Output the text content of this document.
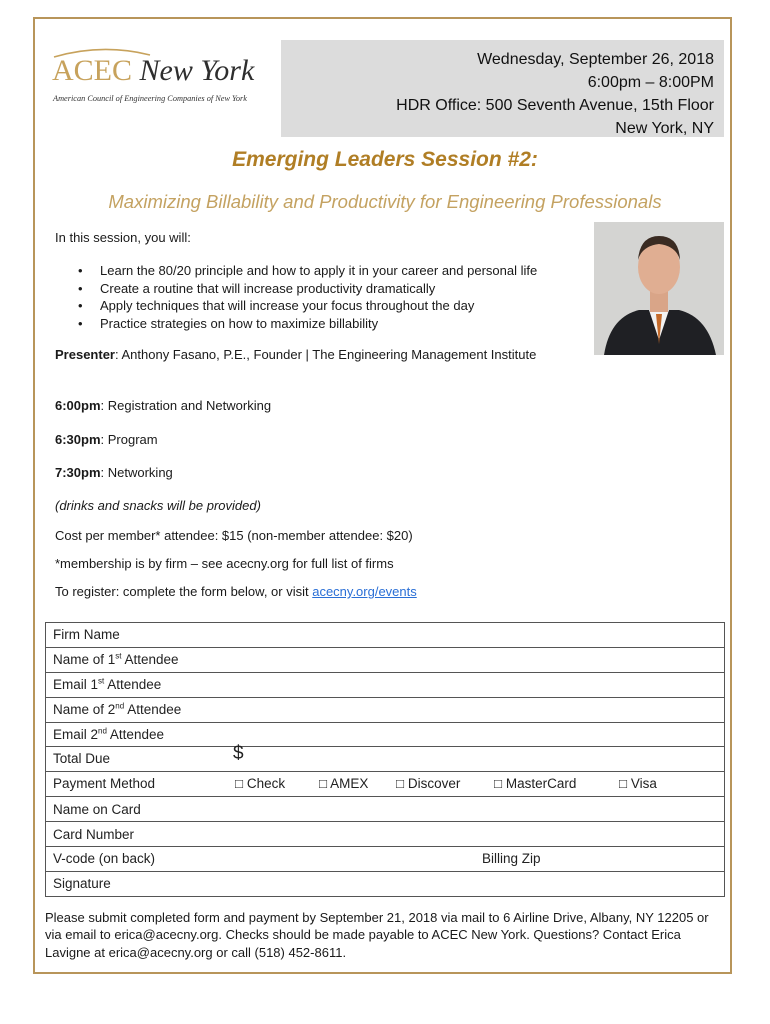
ACEC New York
American Council of Engineering Companies of New York
Wednesday, September 26, 2018
6:00pm – 8:00PM
HDR Office: 500 Seventh Avenue, 15th Floor
New York, NY
Emerging Leaders Session #2:
Maximizing Billability and Productivity for Engineering Professionals
In this session, you will:
• Learn the 80/20 principle and how to apply it in your career and personal life
• Create a routine that will increase productivity dramatically
• Apply techniques that will increase your focus throughout the day
• Practice strategies on how to maximize billability
Presenter: Anthony Fasano, P.E., Founder | The Engineering Management Institute
6:00pm: Registration and Networking
6:30pm: Program
7:30pm: Networking
(drinks and snacks will be provided)
Cost per member* attendee: $15 (non-member attendee: $20)
*membership is by firm – see acecny.org for full list of firms
To register: complete the form below, or visit acecny.org/events
Firm Name
Name of 1st Attendee
Email 1st Attendee
Name of 2nd Attendee
Email 2nd Attendee

Total Due	$

Payment Method	□ Check	□ AMEX □ Discover □ MasterCard	□ Visa

Name on Card
Card Number

V-code (on back)	Billing Zip

Signature
Please submit completed form and payment by September 21, 2018 via mail to 6 Airline Drive, Albany, NY 12205 or via email to erica@acecny.org. Checks should be made payable to ACEC New York. Questions? Contact Erica Lavigne at erica@acecny.org or call (518) 452-8611.
